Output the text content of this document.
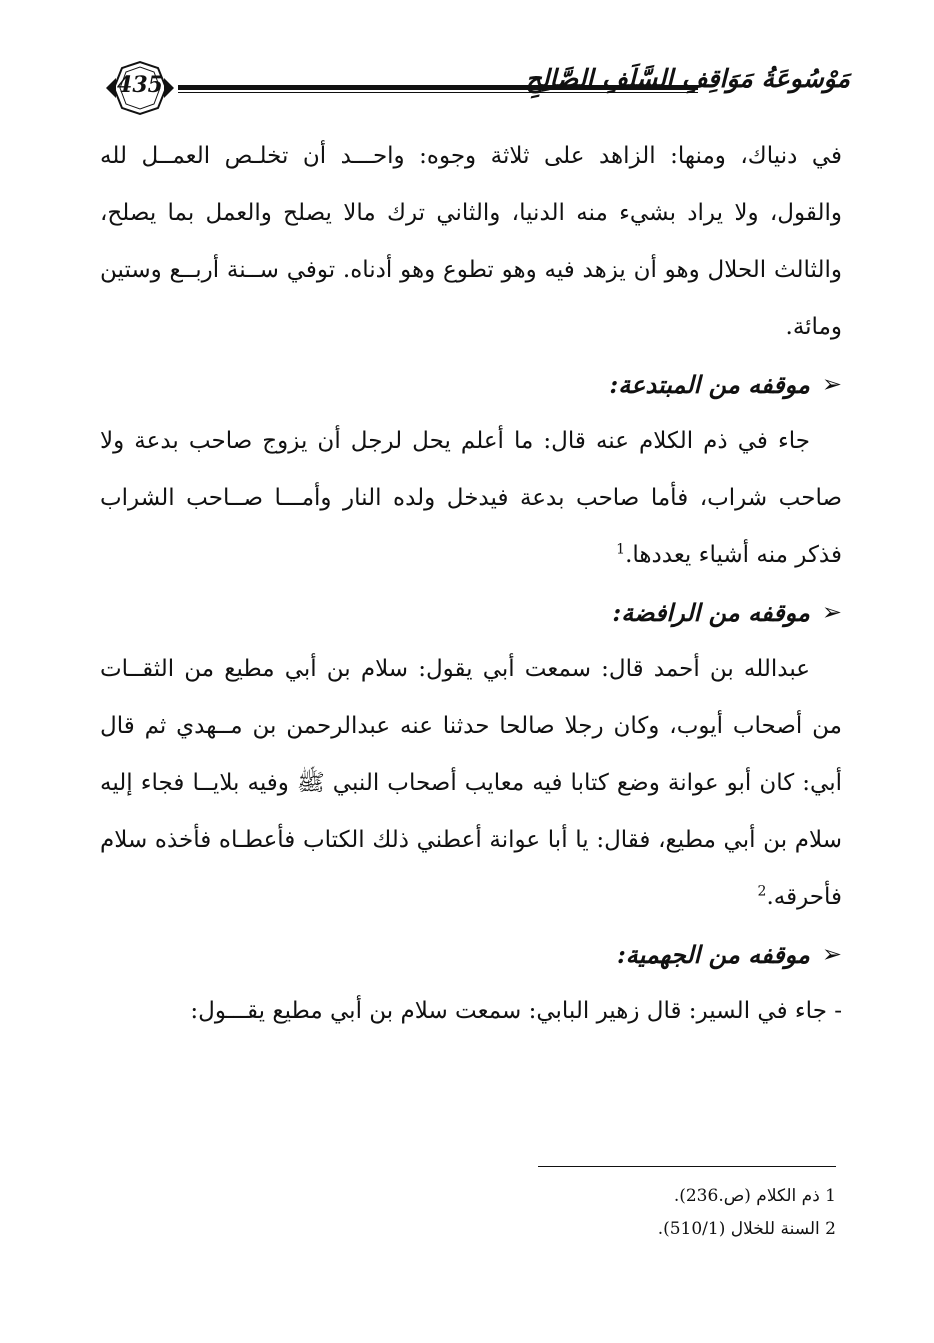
435	مَوْسُوعَةُ مَوَاقِفِ السَّلَفِ الصَّالِحِ

في دنياك، ومنها: الزاهد على ثلاثة وجوه: واحـــد أن تخلـص العمــل لله والقول، ولا يراد بشيء منه الدنيا، والثاني ترك مالا يصلح والعمل بما يصلح، والثالث الحلال وهو أن يزهد فيه وهو تطوع وهو أدناه. توفي ســنة أربــع وستين ومائة.

➢
موقفه من المبتدعة:

جاء في ذم الكلام عنه قال: ما أعلم يحل لرجل أن يزوج صاحب بدعة ولا صاحب شراب، فأما صاحب بدعة فيدخل ولده النار وأمـــا صــاحب الشراب فذكر منه أشياء يعددها.$^1$

➢
موقفه من الرافضة:

عبدالله بن أحمد قال: سمعت أبي يقول: سلام بن أبي مطيع من الثقــات من أصحاب أيوب، وكان رجلا صالحا حدثنا عنه عبدالرحمن بن مــهدي ثم قال أبي: كان أبو عوانة وضع كتابا فيه معايب أصحاب النبي ﷺ وفيه بلايــا فجاء إليه سلام بن أبي مطيع، فقال: يا أبا عوانة أعطني ذلك الكتاب فأعطـاه فأخذه سلام فأحرقه.$^2$

➢
موقفه من الجهمية:

- جاء في السير: قال زهير البابي: سمعت سلام بن أبي مطيع يقـــول:

1 ذم الكلام (ص.236).

2 السنة للخلال (510/1).
